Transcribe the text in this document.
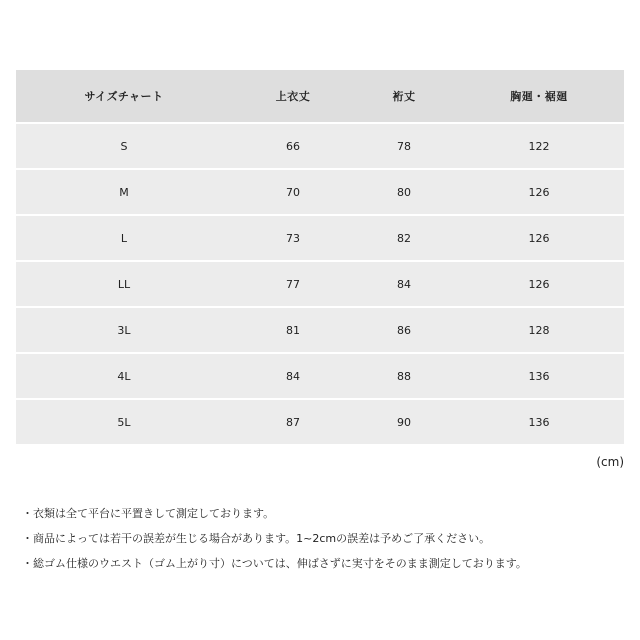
サイズチャート	上衣丈	裄丈	胸廻・裾廻
S	66	78	122
M	70	80	126
L	73	82	126
LL	77	84	126
3L	81	86	128
4L	84	88	136
5L	87	90	136
(cm)
・ 衣類は全て平台に平置きして測定しております。
・ 商品によっては若干の誤差が生じる場合があります。1~2cmの誤差は予めご了承ください。
・ 総ゴム仕様のウエスト（ゴム上がり寸）については、伸ばさずに実寸をそのまま測定しております。
